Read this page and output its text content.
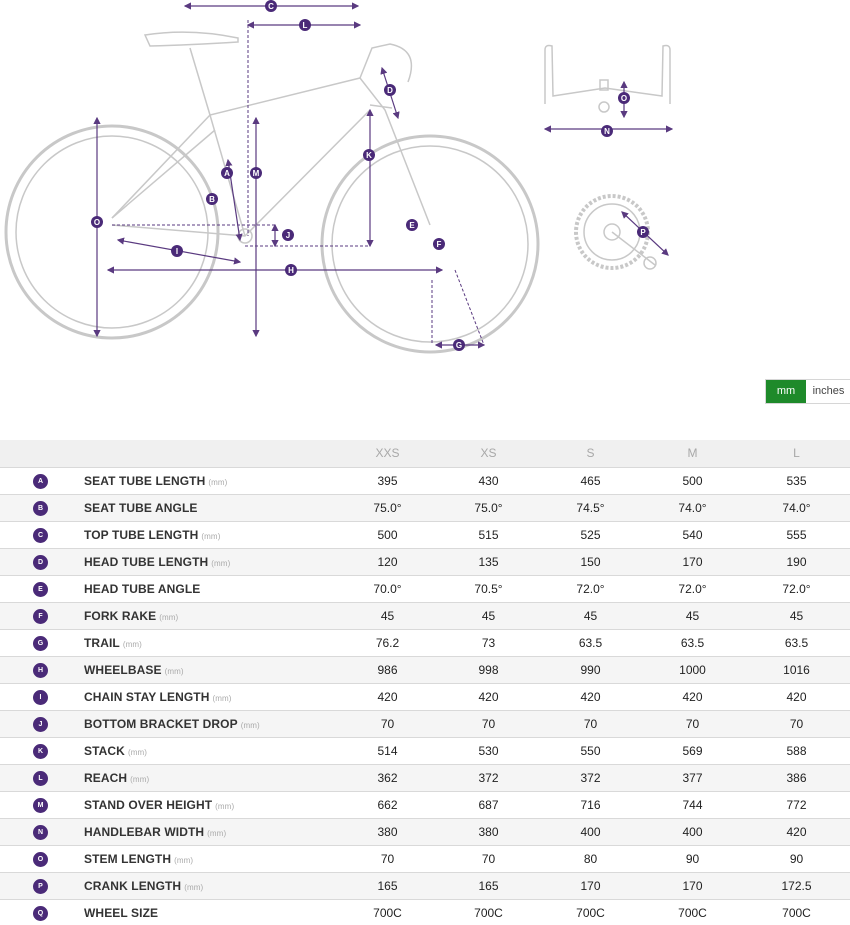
C
L
D
K
M
A
B
O
J
E
F
I
H
G
O
N
P
mm	inches
		XXS	XS	S	M	L
A	SEAT TUBE LENGTH (mm)	395	430	465	500	535
B	SEAT TUBE ANGLE	75.0°	75.0°	74.5°	74.0°	74.0°
C	TOP TUBE LENGTH (mm)	500	515	525	540	555
D	HEAD TUBE LENGTH (mm)	120	135	150	170	190
E	HEAD TUBE ANGLE	70.0°	70.5°	72.0°	72.0°	72.0°
F	FORK RAKE (mm)	45	45	45	45	45
G	TRAIL (mm)	76.2	73	63.5	63.5	63.5
H	WHEELBASE (mm)	986	998	990	1000	1016
I	CHAIN STAY LENGTH (mm)	420	420	420	420	420
J	BOTTOM BRACKET DROP (mm)	70	70	70	70	70
K	STACK (mm)	514	530	550	569	588
L	REACH (mm)	362	372	372	377	386
M	STAND OVER HEIGHT (mm)	662	687	716	744	772
N	HANDLEBAR WIDTH (mm)	380	380	400	400	420
O	STEM LENGTH (mm)	70	70	80	90	90
P	CRANK LENGTH (mm)	165	165	170	170	172.5
Q	WHEEL SIZE	700C	700C	700C	700C	700C
